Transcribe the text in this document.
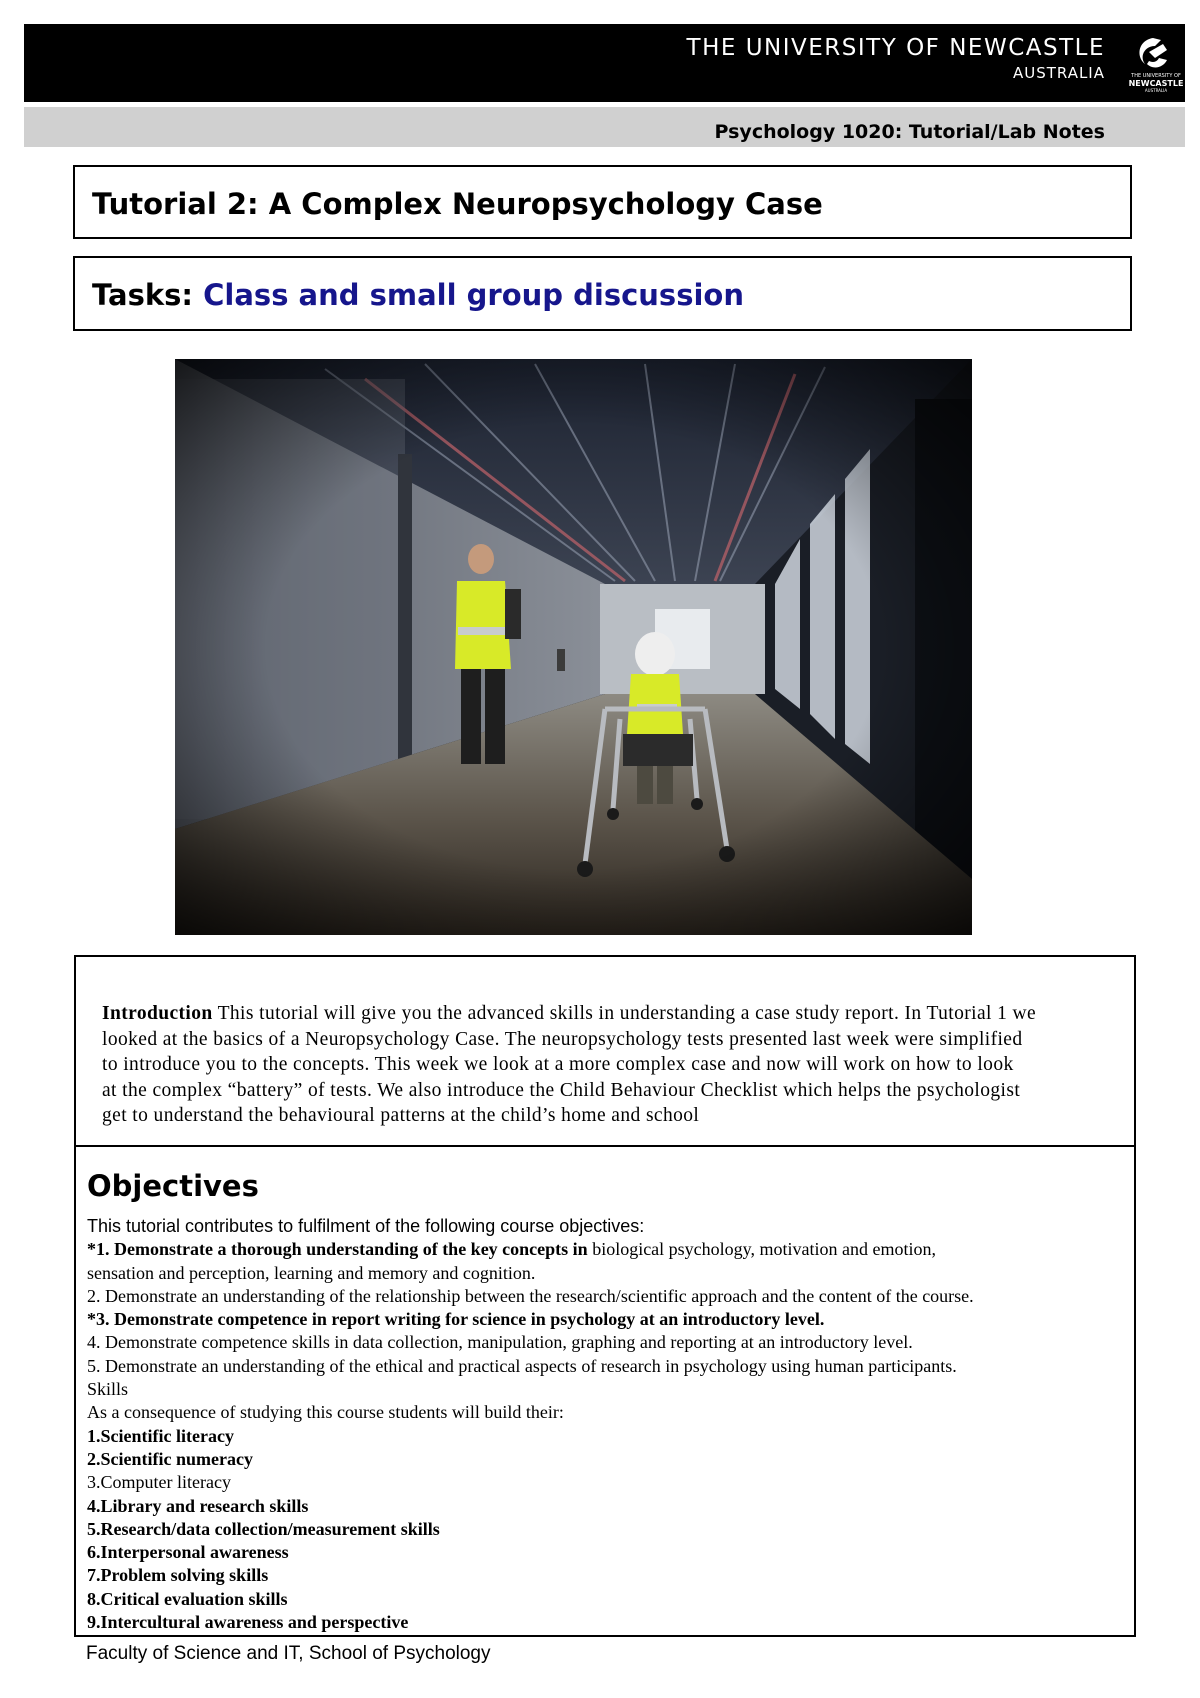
THE UNIVERSITY OF NEWCASTLE
AUSTRALIA	THE UNIVERSITY OF
NEWCASTLE
AUSTRALIA
Psychology 1020: Tutorial/Lab Notes
Tutorial 2: A Complex Neuropsychology Case
Tasks: Class and small group discussion
Introduction This tutorial will give you the advanced skills in understanding a case study report. In Tutorial 1 we
looked at the basics of a Neuropsychology Case. The neuropsychology tests presented last week were simplified
to introduce you to the concepts. This week we look at a more complex case and now will work on how to look
at the complex “battery” of tests. We also introduce the Child Behaviour Checklist which helps the psychologist
get to understand the behavioural patterns at the child’s home and school
Objectives
This tutorial contributes to fulfilment of the following course objectives:
*1. Demonstrate a thorough understanding of the key concepts in biological psychology, motivation and emotion,
sensation and perception, learning and memory and cognition.
2. Demonstrate an understanding of the relationship between the research/scientific approach and the content of the course.
*3. Demonstrate competence in report writing for science in psychology at an introductory level.
4. Demonstrate competence skills in data collection, manipulation, graphing and reporting at an introductory level.
5. Demonstrate an understanding of the ethical and practical aspects of research in psychology using human participants.
Skills
As a consequence of studying this course students will build their:
1.Scientific literacy
2.Scientific numeracy
3.Computer literacy
4.Library and research skills
5.Research/data collection/measurement skills
6.Interpersonal awareness
7.Problem solving skills
8.Critical evaluation skills
9.Intercultural awareness and perspective
Faculty of Science and IT, School of Psychology
